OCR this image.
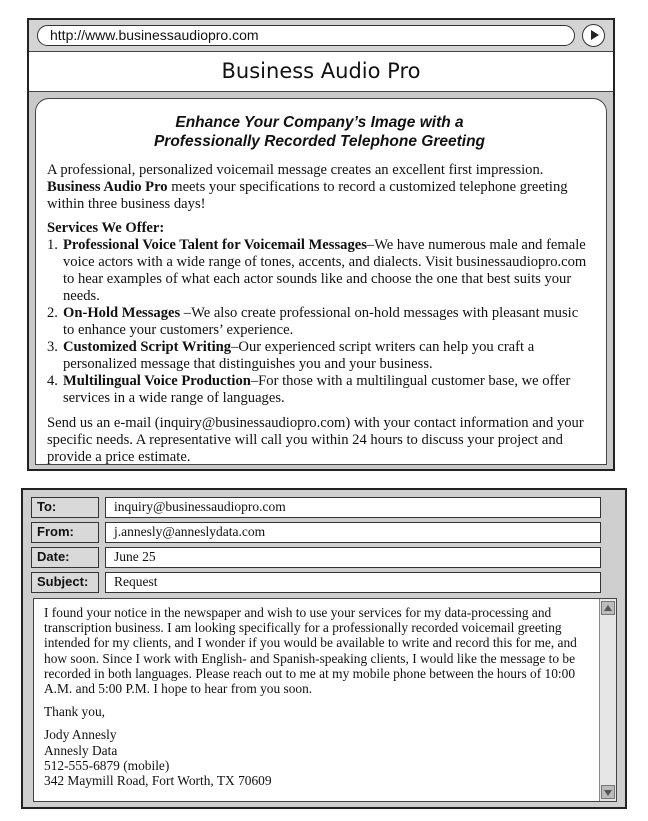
http://www.businessaudiopro.com
Business Audio Pro
Enhance Your Company’s Image with a
Professionally Recorded Telephone Greeting

A professional, personalized voicemail message creates an excellent first impression.
Business Audio Pro meets your specifications to record a customized telephone greeting within three business days!

Services We Offer:
1. Professional Voice Talent for Voicemail Messages–We have numerous male and female voice actors with a wide range of tones, accents, and dialects. Visit businessaudiopro.com to hear examples of what each actor sounds like and choose the one that best suits your needs.
2. On-Hold Messages –We also create professional on-hold messages with pleasant music to enhance your customers’ experience.
3. Customized Script Writing–Our experienced script writers can help you craft a personalized message that distinguishes you and your business.
4. Multilingual Voice Production–For those with a multilingual customer base, we offer services in a wide range of languages.

Send us an e-mail (inquiry@businessaudiopro.com) with your contact information and your specific needs. A representative will call you within 24 hours to discuss your project and provide a price estimate.

To:	inquiry@businessaudiopro.com
From:	j.annesly@anneslydata.com
Date:	June 25
Subject:	Request

I found your notice in the newspaper and wish to use your services for my data-processing and transcription business. I am looking specifically for a professionally recorded voicemail greeting intended for my clients, and I wonder if you would be available to write and record this for me, and how soon. Since I work with English- and Spanish-speaking clients, I would like the message to be recorded in both languages. Please reach out to me at my mobile phone between the hours of 10:00 A.M. and 5:00 P.M. I hope to hear from you soon.

Thank you,

Jody Annesly
Annesly Data
512-555-6879 (mobile)
342 Maymill Road, Fort Worth, TX 70609
